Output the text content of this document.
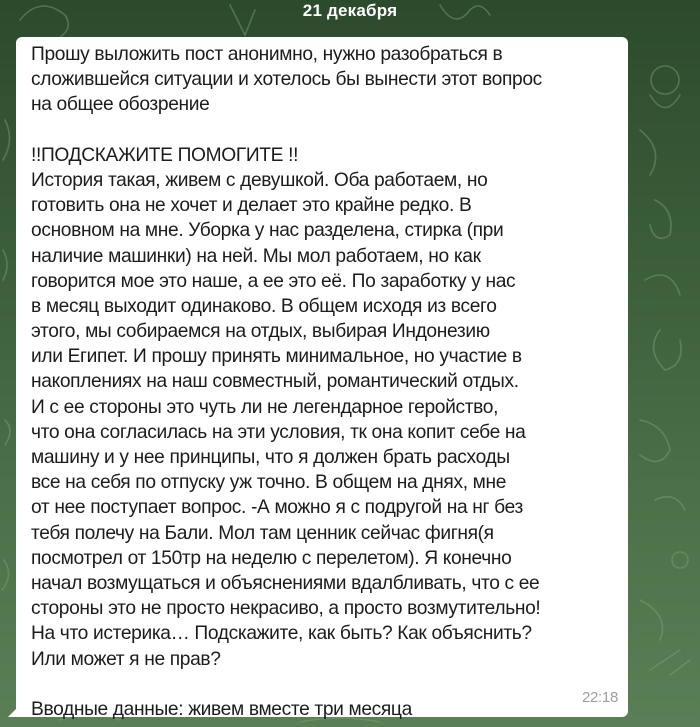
21 декабря
Прошу выложить пост анонимно, нужно разобраться в
сложившейся ситуации и хотелось бы вынести этот вопрос
на общее обозрение
!!ПОДСКАЖИТЕ ПОМОГИТЕ !!
История такая, живем с девушкой. Оба работаем, но
готовить она не хочет и делает это крайне редко. В
основном на мне. Уборка у нас разделена, стирка (при
наличие машинки) на ней. Мы мол работаем, но как
говорится мое это наше, а ее это её. По заработку у нас
в месяц выходит одинаково. В общем исходя из всего
этого, мы собираемся на отдых, выбирая Индонезию
или Египет. И прошу принять минимальное, но участие в
накоплениях на наш совместный, романтический отдых.
И с ее стороны это чуть ли не легендарное геройство,
что она согласилась на эти условия, тк она копит себе на
машину и у нее принципы, что я должен брать расходы
все на себя по отпуску уж точно. В общем на днях, мне
от нее поступает вопрос. -А можно я с подругой на нг без
тебя полечу на Бали. Мол там ценник сейчас фигня(я
посмотрел от 150тр на неделю с перелетом). Я конечно
начал возмущаться и объяснениями вдалбливать, что с ее
стороны это не просто некрасиво, а просто возмутительно!
На что истерика… Подскажите, как быть? Как объяснить?
Или может я не прав?
Вводные данные: живем вместе три месяца
22:18
